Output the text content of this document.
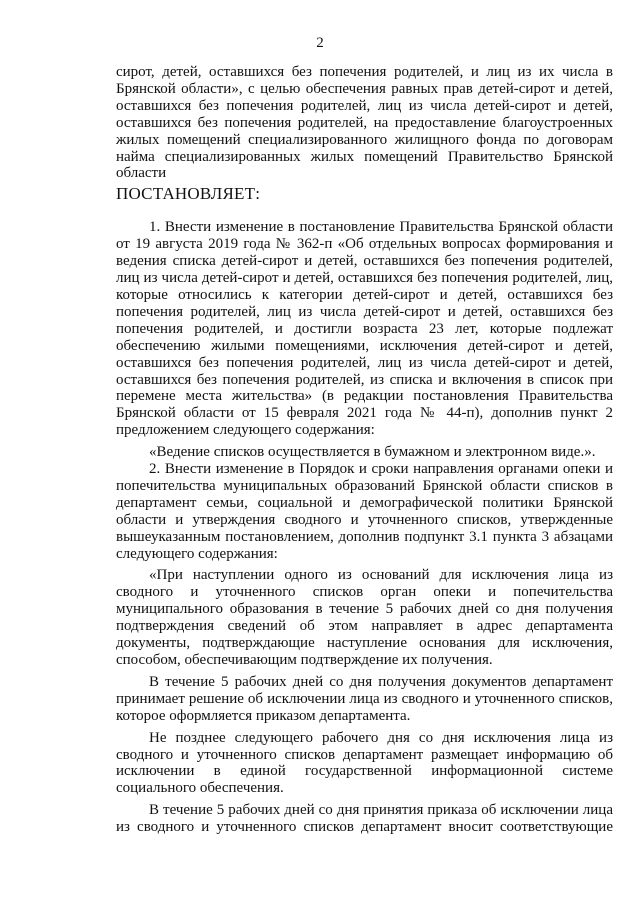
2

сирот, детей, оставшихся без попечения родителей, и лиц из их числа в Брянской области», с целью обеспечения равных прав детей-сирот и детей, оставшихся без попечения родителей, лиц из числа детей-сирот и детей, оставшихся без попечения родителей, на предоставление благоустроенных жилых помещений специализированного жилищного фонда по договорам найма специализированных жилых помещений Правительство Брянской области

ПОСТАНОВЛЯЕТ:

1. Внести изменение в постановление Правительства Брянской области от 19 августа 2019 года № 362-п «Об отдельных вопросах формирования и ведения списка детей-сирот и детей, оставшихся без попечения родителей, лиц из числа детей-сирот и детей, оставшихся без попечения родителей, лиц, которые относились к категории детей-сирот и детей, оставшихся без попечения родителей, лиц из числа детей-сирот и детей, оставшихся без попечения родителей, и достигли возраста 23 лет, которые подлежат обеспечению жилыми помещениями, исключения детей-сирот и детей, оставшихся без попечения родителей, лиц из числа детей-сирот и детей, оставшихся без попечения родителей, из списка и включения в список при перемене места жительства» (в редакции постановления Правительства Брянской области от 15 февраля 2021 года № 44-п), дополнив пункт 2 предложением следующего содержания:

«Ведение списков осуществляется в бумажном и электронном виде.».

2. Внести изменение в Порядок и сроки направления органами опеки и попечительства муниципальных образований Брянской области списков в департамент семьи, социальной и демографической политики Брянской области и утверждения сводного и уточненного списков, утвержденные вышеуказанным постановлением, дополнив подпункт 3.1 пункта 3 абзацами следующего содержания:

«При наступлении одного из оснований для исключения лица из сводного и уточненного списков орган опеки и попечительства муниципального образования в течение 5 рабочих дней со дня получения подтверждения сведений об этом направляет в адрес департамента документы, подтверждающие наступление основания для исключения, способом, обеспечивающим подтверждение их получения.

В течение 5 рабочих дней со дня получения документов департамент принимает решение об исключении лица из сводного и уточненного списков, которое оформляется приказом департамента.

Не позднее следующего рабочего дня со дня исключения лица из сводного и уточненного списков департамент размещает информацию об исключении в единой государственной информационной системе социального обеспечения.

В течение 5 рабочих дней со дня принятия приказа об исключении лица из сводного и уточненного списков департамент вносит соответствующие
